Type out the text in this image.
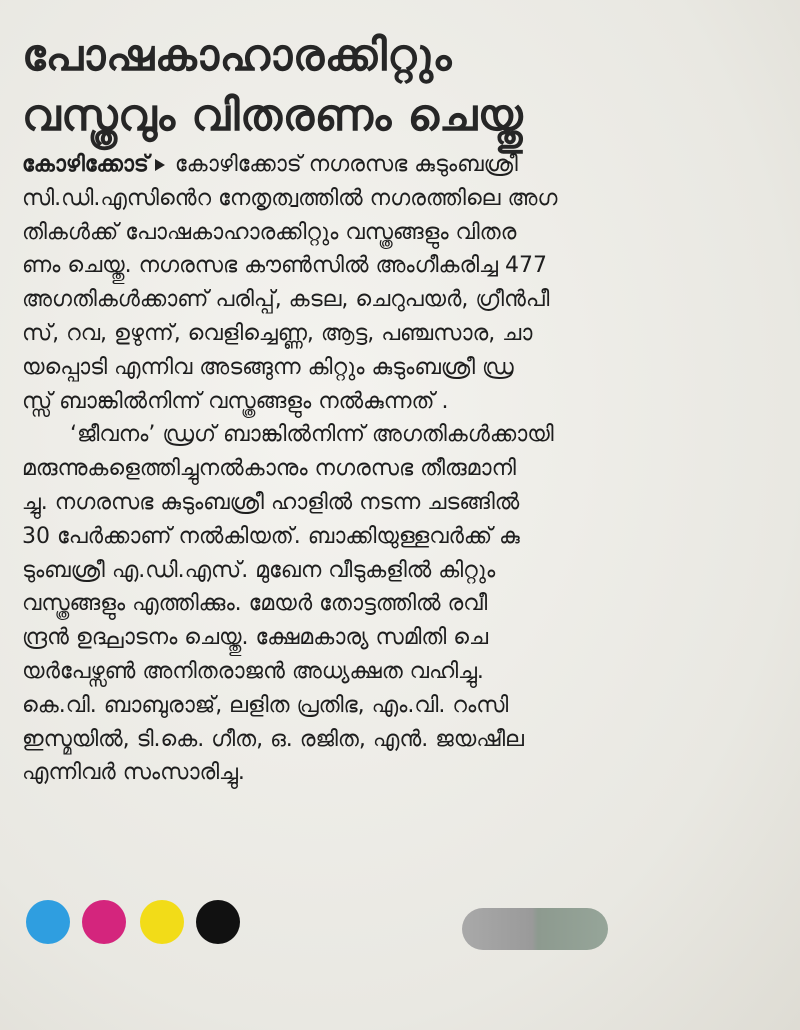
പോഷകാഹാരക്കിറ്റും
വസ്ത്രവും വിതരണം ചെയ്തു
കോഴിക്കോട് കോഴിക്കോട് നഗരസഭ കുടുംബശ്രീ
സി.ഡി.എസിൻെറ നേതൃത്വത്തിൽ നഗരത്തിലെ അഗ
തികൾക്ക് പോഷകാഹാരക്കിറ്റും വസ്ത്രങ്ങളും വിതര
ണം ചെയ്തു. നഗരസഭ കൗൺസിൽ അംഗീകരിച്ച 477
അഗതികൾക്കാണ് പരിപ്പ്, കടല, ചെറുപയർ, ഗ്രീൻപീ
സ്, റവ, ഉഴുന്ന്, വെളിച്ചെണ്ണ, ആട്ട, പഞ്ചസാര, ചാ
യപ്പൊടി എന്നിവ അടങ്ങുന്ന കിറ്റും കുടുംബശ്രീ ഡ്ര
സ്സ് ബാങ്കിൽനിന്ന് വസ്ത്രങ്ങളും നൽകുന്നത് .
‘ജീവനം’ ഡ്രഗ് ബാങ്കിൽനിന്ന് അഗതികൾക്കായി
മരുന്നുകളെത്തിച്ചുനൽകാനും നഗരസഭ തീരുമാനി
ച്ചു. നഗരസഭ കുടുംബശ്രീ ഹാളിൽ നടന്ന ചടങ്ങിൽ
30 പേർക്കാണ് നൽകിയത്. ബാക്കിയുള്ളവർക്ക് കു
ടുംബശ്രീ എ.ഡി.എസ്. മുഖേന വീടുകളിൽ കിറ്റും
വസ്ത്രങ്ങളും എത്തിക്കും. മേയർ തോട്ടത്തിൽ രവീ
ന്ദ്രൻ ഉദ്ഘാടനം ചെയ്തു. ക്ഷേമകാര്യ സമിതി ചെ
യർപേഴ്സൺ അനിതരാജൻ അധ്യക്ഷത വഹിച്ചു.
കെ.വി. ബാബുരാജ്, ലളിത പ്രതിഭ, എം.വി. റംസി
ഇസ്മയിൽ, ടി.കെ. ഗീത, ഒ. രജിത, എൻ. ജയഷീല
എന്നിവർ സംസാരിച്ചു.
